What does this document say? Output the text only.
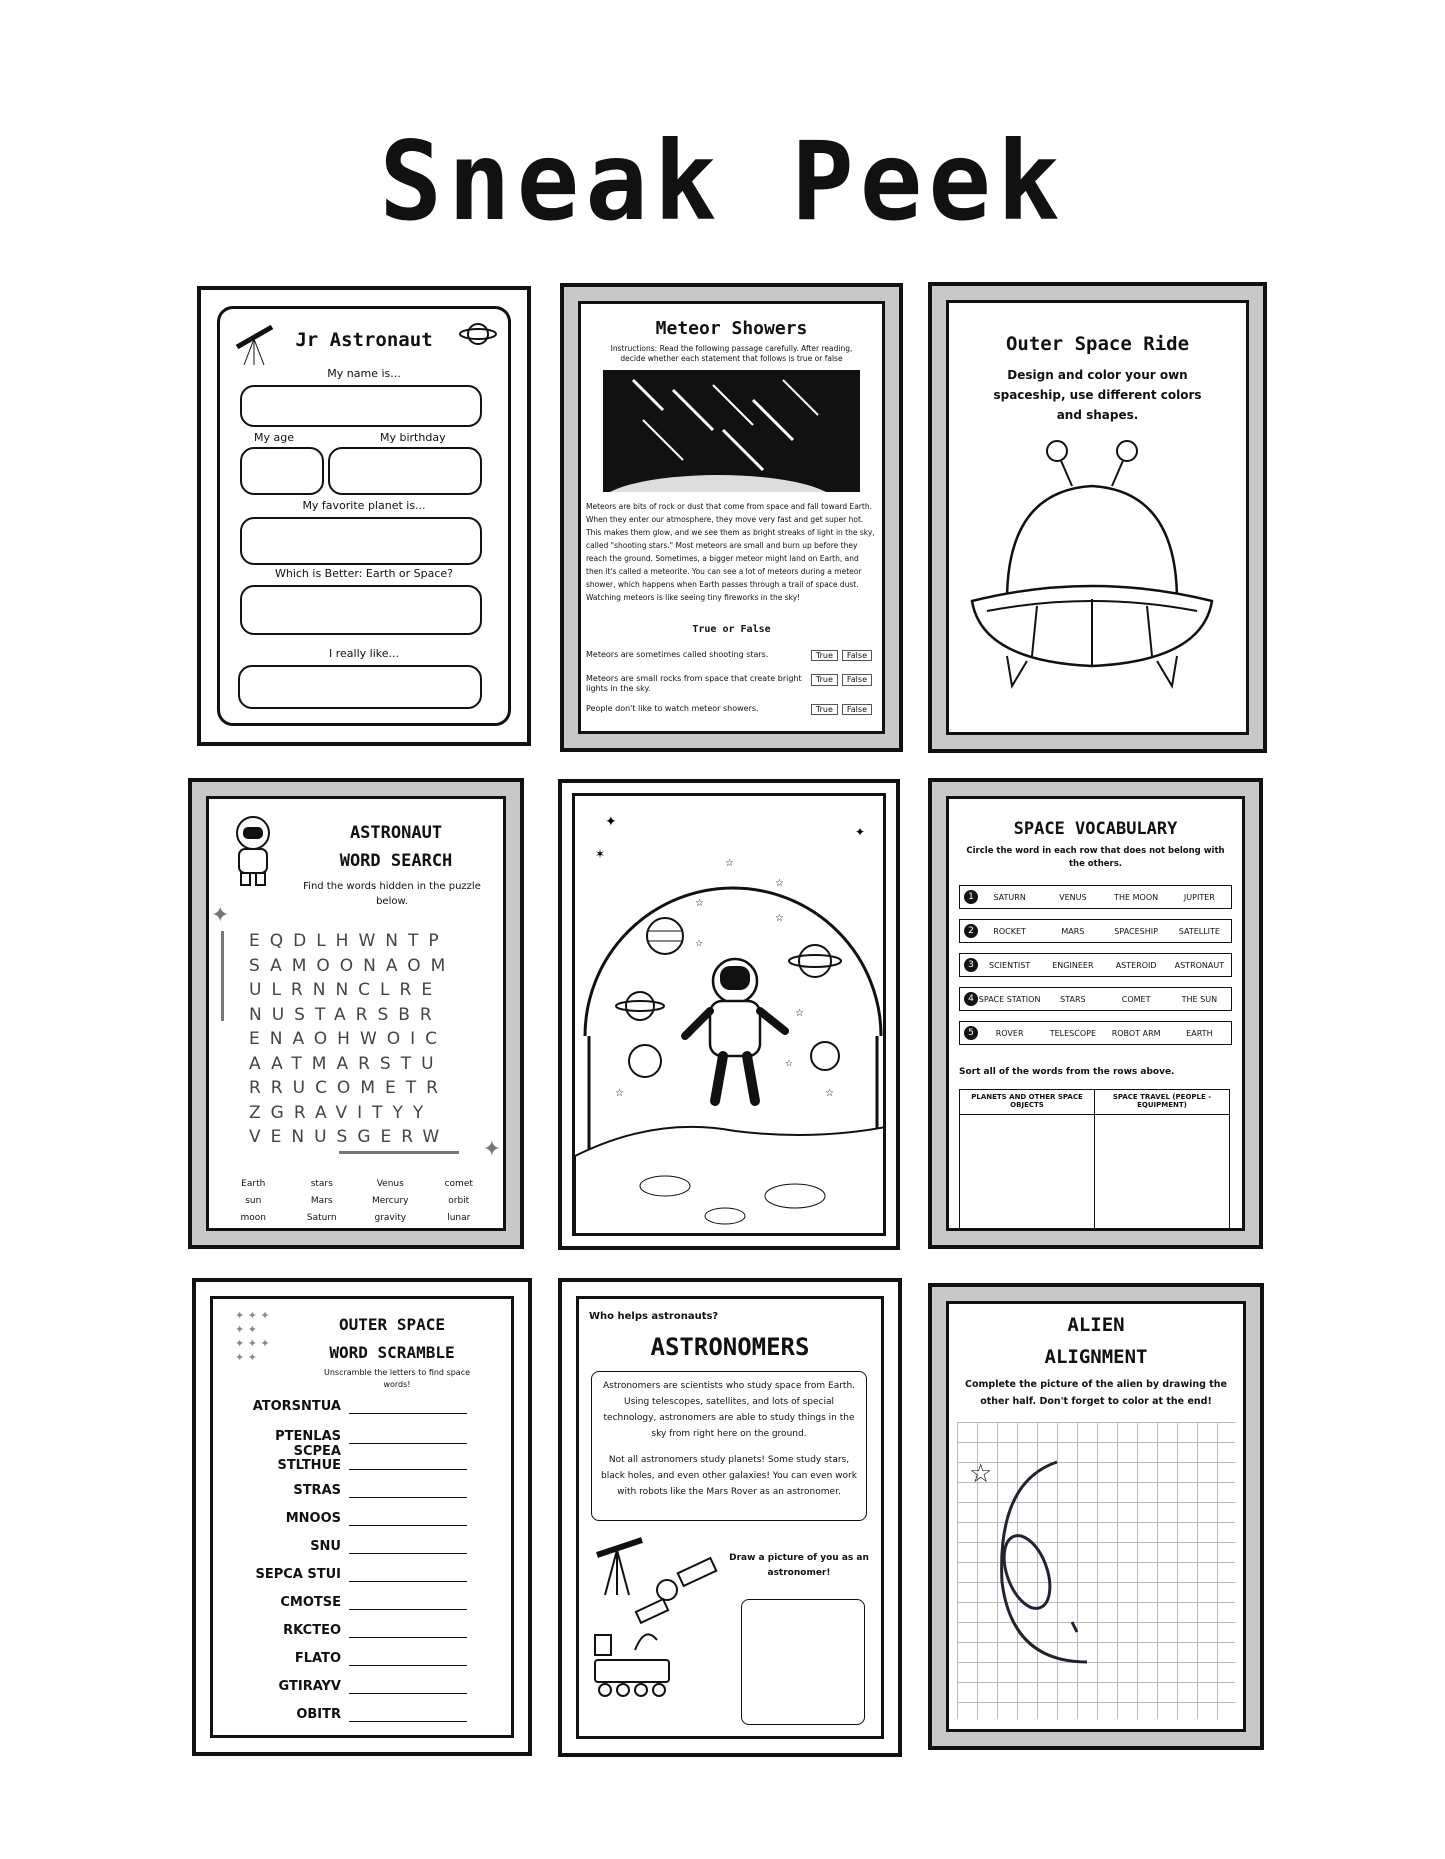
Sneak Peek
Jr Astronaut
My name is...
My age	My birthday
My favorite planet is...
Which is Better: Earth or Space?
I really like...
Meteor Showers
Instructions: Read the following passage carefully. After reading, decide whether each statement that follows is true or false
Meteors are bits of rock or dust that come from space and fall toward Earth. When they enter our atmosphere, they move very fast and get super hot. This makes them glow, and we see them as bright streaks of light in the sky, called "shooting stars." Most meteors are small and burn up before they reach the ground. Sometimes, a bigger meteor might land on Earth, and then it's called a meteorite. You can see a lot of meteors during a meteor shower, which happens when Earth passes through a trail of space dust. Watching meteors is like seeing tiny fireworks in the sky!
True or False
Meteors are sometimes called shooting stars.	True	False
Meteors are small rocks from space that create bright lights in the sky.
True	False
People don't like to watch meteor showers.	True	False
Outer Space Ride
Design and color your own spaceship, use different colors and shapes.
ASTRONAUT
WORD SEARCH
Find the words hidden in the puzzle below.
✦
✦
EQDLHWNTP
SAMOONAOM
ULRNNCLRE
NUSTARSBR
ENAOHWOIC
AATMARSTU
RRUCOMETR
ZGRAVITYY
VENUSGERW
Earth	stars	Venus	comet
sun	Mars	Mercury	orbit
moon	Saturn	gravity	lunar
✦
✦
✶
☆
☆
☆
☆
☆
☆
☆	☆
☆
☆
SPACE VOCABULARY
Circle the word in each row that does not belong with the others.
1	SATURN	VENUS	THE MOON	JUPITER
2	ROCKET	MARS	SPACESHIP	SATELLITE
3	SCIENTIST	ENGINEER	ASTEROID	ASTRONAUT
4 SPACE STATION	STARS	COMET	THE SUN
5	ROVER	TELESCOPE	ROBOT ARM	EARTH
Sort all of the words from the rows above.
PLANETS AND OTHER SPACE OBJECTS
SPACE TRAVEL (PEOPLE - EQUIPMENT)
✦ ✦ ✦
✦ ✦
✦ ✦ ✦
✦ ✦
OUTER SPACE
WORD SCRAMBLE
Unscramble the letters to find space words!
ATORSNTUA
PTENLAS
SCPEA STLTHUE
STRAS
MNOOS
SNU
SEPCA STUI
CMOTSE
RKCTEO
FLATO
GTIRAYV
OBITR
Who helps astronauts?
ASTRONOMERS
Astronomers are scientists who study space from Earth. Using telescopes, satellites, and lots of special technology, astronomers are able to study things in the sky from right here on the ground.
Not all astronomers study planets! Some study stars, black holes, and even other galaxies! You can even work with robots like the Mars Rover as an astronomer.
Draw a picture of you as an astronomer!
ALIEN
ALIGNMENT
Complete the picture of the alien by drawing the other half. Don't forget to color at the end!
☆
